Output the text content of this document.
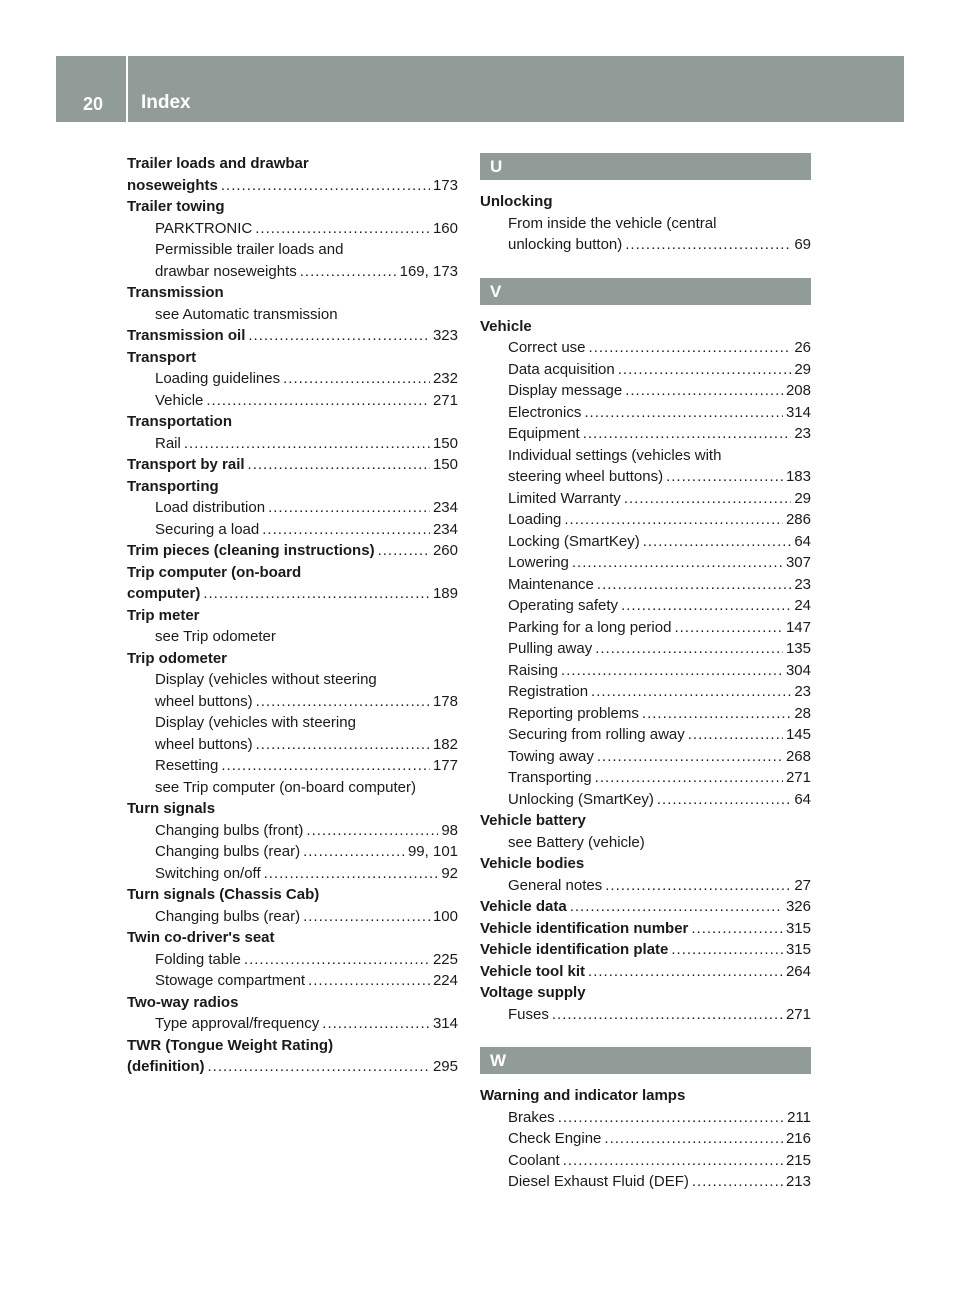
20 Index
Trailer loads and drawbar
noseweights .....	173
Trailer towing
PARKTRONIC .....	160
Permissible trailer loads and
drawbar noseweights .....	169, 173
Transmission
see Automatic transmission
Transmission oil .....	323
Transport
Loading guidelines .....	232
Vehicle .....	271
Transportation
Rail .....	150
Transport by rail .....	150
Transporting
Load distribution .....	234
Securing a load .....	234
Trim pieces (cleaning instructions) .....	260
Trip computer (on-board
computer) .....	189
Trip meter
see Trip odometer
Trip odometer
Display (vehicles without steering
wheel buttons) .....	178
Display (vehicles with steering
wheel buttons) .....	182
Resetting .....	177
see Trip computer (on-board computer)
Turn signals
Changing bulbs (front) .....	98
Changing bulbs (rear) .....	99, 101
Switching on/off .....	92
Turn signals (Chassis Cab)
Changing bulbs (rear) .....	100
Twin co-driver's seat
Folding table .....	225
Stowage compartment .....	224
Two-way radios
Type approval/frequency .....	314
TWR (Tongue Weight Rating)
(definition) .....	295
U
Unlocking
From inside the vehicle (central
unlocking button) .....	69
V
Vehicle
Correct use .....	26
Data acquisition .....	29
Display message .....	208
Electronics .....	314
Equipment .....	23
Individual settings (vehicles with
steering wheel buttons) .....	183
Limited Warranty .....	29
Loading .....	286
Locking (SmartKey) .....	64
Lowering .....	307
Maintenance .....	23
Operating safety .....	24
Parking for a long period .....	147
Pulling away .....	135
Raising .....	304
Registration .....	23
Reporting problems .....	28
Securing from rolling away .....	145
Towing away .....	268
Transporting .....	271
Unlocking (SmartKey) .....	64
Vehicle battery
see Battery (vehicle)
Vehicle bodies
General notes .....	27
Vehicle data .....	326
Vehicle identification number .....	315
Vehicle identification plate .....	315
Vehicle tool kit .....	264
Voltage supply
Fuses .....	271
W
Warning and indicator lamps
Brakes .....	211
Check Engine .....	216
Coolant .....	215
Diesel Exhaust Fluid (DEF) .....	213
